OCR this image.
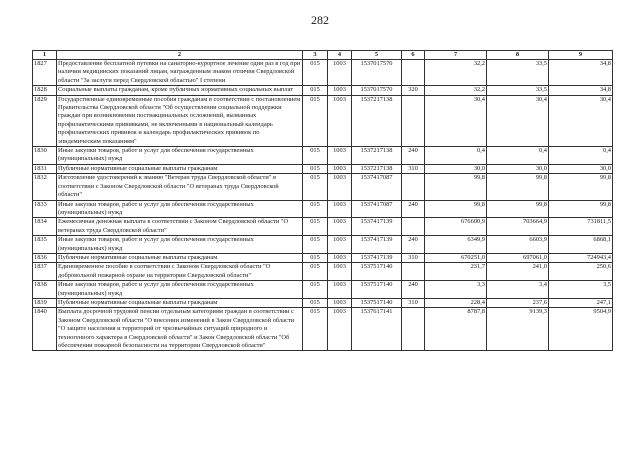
282
1	2	3	4	5	6	7	8	9
1827	Предоставление бесплатной путевки на санаторно-курортное лечение один раз в год при наличии медицинских показаний лицам, награжденным знаком отличия Свердловской области "За заслуги перед Свердловской областью" I степени	015	1003	1537017570		32,2	33,5	34,8
1828	Социальные выплаты гражданам, кроме публичных нормативных социальных выплат	015	1003	1537017570	320	32,2	33,5	34,8
1829	Государственные единовременные пособия гражданам в соответствии с постановлением Правительства Свердловской области "Об осуществлении социальной поддержки граждан при возникновении поствакцинальных осложнений, вызванных профилактическими прививками, не включенными в национальный календарь профилактических прививок и календарь профилактических прививок по эпидемическим показаниям"	015	1003	1537217138		30,4	30,4	30,4
1830	Иные закупки товаров, работ и услуг для обеспечения государственных (муниципальных) нужд	015	1003	1537217138	240	0,4	0,4	0,4
1831	Публичные нормативные социальные выплаты гражданам	015	1003	1537217138	310	30,0	30,0	30,0
1832	Изготовление удостоверений к званию "Ветеран труда Свердловской области" в соответствии с Законом Свердловской области "О ветеранах труда Свердловской области"	015	1003	1537417087		99,8	99,8	99,8
1833	Иные закупки товаров, работ и услуг для обеспечения государственных (муниципальных) нужд	015	1003	1537417087	240	99,8	99,8	99,8
1834	Ежемесячная денежная выплата в соответствии с Законом Свердловской области "О ветеранах труда Свердловской области"	015	1003	1537417139		676600,9	703664,9	731811,5
1835	Иные закупки товаров, работ и услуг для обеспечения государственных (муниципальных) нужд	015	1003	1537417139	240	6349,9	6603,9	6868,1
1836	Публичные нормативные социальные выплаты гражданам	015	1003	1537417139	310	670251,0	697061,0	724943,4
1837	Единовременное пособие в соответствии с Законом Свердловской области "О добровольной пожарной охране на территории Свердловской области"	015	1003	1537517140		231,7	241,0	250,6
1838	Иные закупки товаров, работ и услуг для обеспечения государственных (муниципальных) нужд	015	1003	1537517140	240	3,3	3,4	3,5
1839	Публичные нормативные социальные выплаты гражданам	015	1003	1537517140	310	228,4	237,6	247,1
1840	Выплата досрочной трудовой пенсии отдельным категориям граждан в соответствии с Законом Свердловской области "О внесении изменений в Закон Свердловской области "О защите населения и территорий от чрезвычайных ситуаций природного и техногенного характера в Свердловской области" и Закон Свердловской области "Об обеспечении пожарной безопасности на территории Свердловской области"	015	1003	1537617141		8787,8	9139,3	9504,9
